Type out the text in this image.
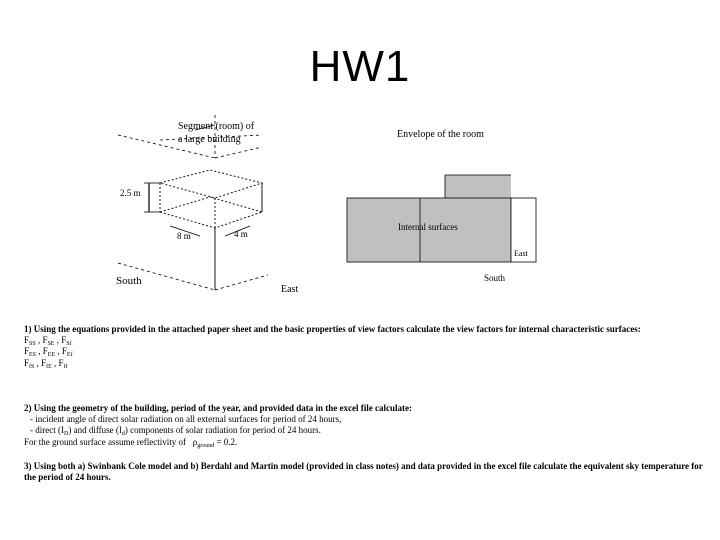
HW1
Segment (room) of
a large building
2.5 m
8 m	4 m
South
East
Envelope of the room
Internal surfaces
East
South

1) Using the equations provided in the attached paper sheet and the basic properties of view factors calculate the view factors for internal characteristic surfaces:

$F_{SS}$ , $F_{SE}$ , $F_{Sf}$

$F_{ES}$ , $F_{EE}$ , $F_{Ef}$

$F_{fS}$ , $F_{fE}$ , $F_{ff}$

2) Using the geometry of the building, period of the year, and provided data in the excel file calculate:

- incident angle of direct solar radiation on all external surfaces for period of 24 hours,

- direct $(I_D)$ and diffuse $(I_d)$ components of solar radiation for period of 24 hours.

For the ground surface assume reflectivity of $\rho_{ground} = 0.2$.

3) Using both a) Swinbank Cole model and b) Berdahl and Martin model (provided in class notes) and data provided in the excel file calculate the equivalent sky temperature for the period of 24 hours.
